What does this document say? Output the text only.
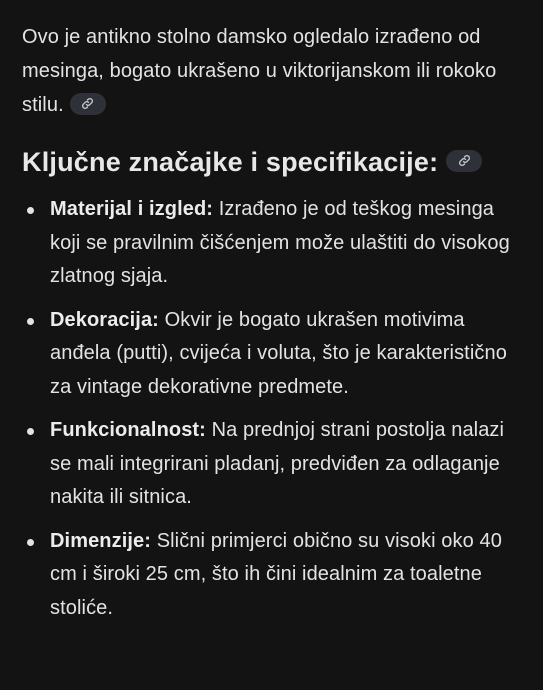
Ovo je antikno stolno damsko ogledalo izrađeno od mesinga, bogato ukrašeno u viktorijanskom ili rokoko stilu.

Ključne značajke i specifikacije:
Materijal i izgled: Izrađeno je od teškog mesinga koji se pravilnim čišćenjem može ulaštiti do visokog zlatnog sjaja.
Dekoracija: Okvir je bogato ukrašen motivima anđela (putti), cvijeća i voluta, što je karakteristično za vintage dekorativne predmete.
Funkcionalnost: Na prednjoj strani postolja nalazi se mali integrirani pladanj, predviđen za odlaganje nakita ili sitnica.
Dimenzije: Slični primjerci obično su visoki oko 40 cm i široki 25 cm, što ih čini idealnim za toaletne stoliće.
